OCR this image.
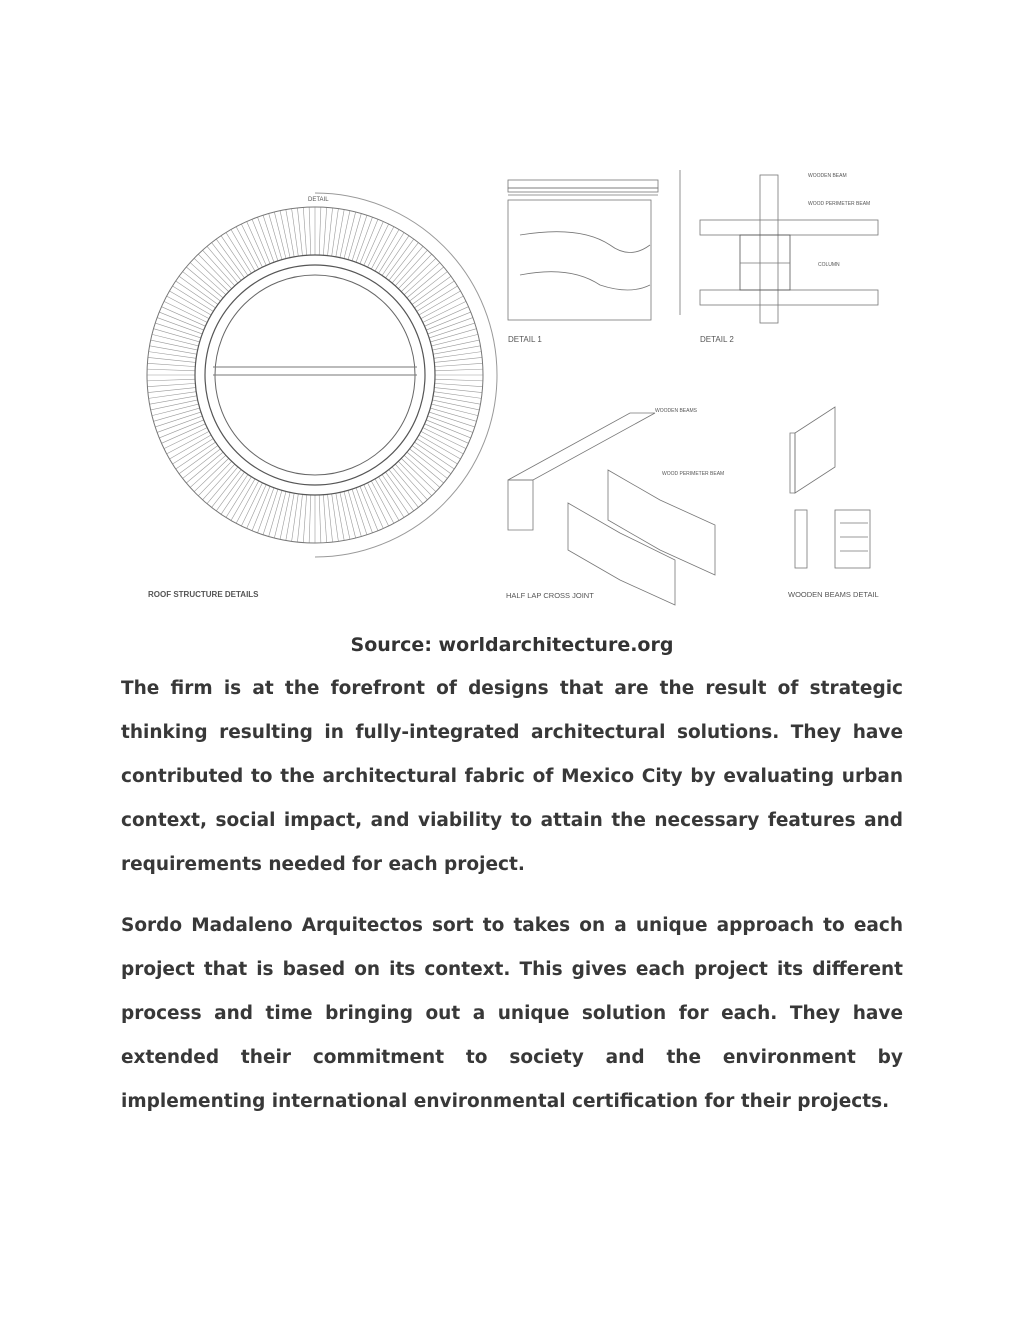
DETAIL
ROOF STRUCTURE DETAILS
DETAIL 1
WOODEN BEAM
WOOD PERIMETER BEAM
COLUMN
DETAIL 2
WOODEN BEAMS
WOOD PERIMETER BEAM
HALF LAP CROSS JOINT	WOODEN BEAMS DETAIL
Source: worldarchitecture.org

The firm is at the forefront of designs that are the result of strategic thinking resulting in fully-integrated architectural solutions. They have contributed to the architectural fabric of Mexico City by evaluating urban context, social impact, and viability to attain the necessary features and requirements needed for each project.

Sordo Madaleno Arquitectos sort to takes on a unique approach to each project that is based on its context. This gives each project its different process and time bringing out a unique solution for each. They have extended their commitment to society and the environment by implementing international environmental certification for their projects.
